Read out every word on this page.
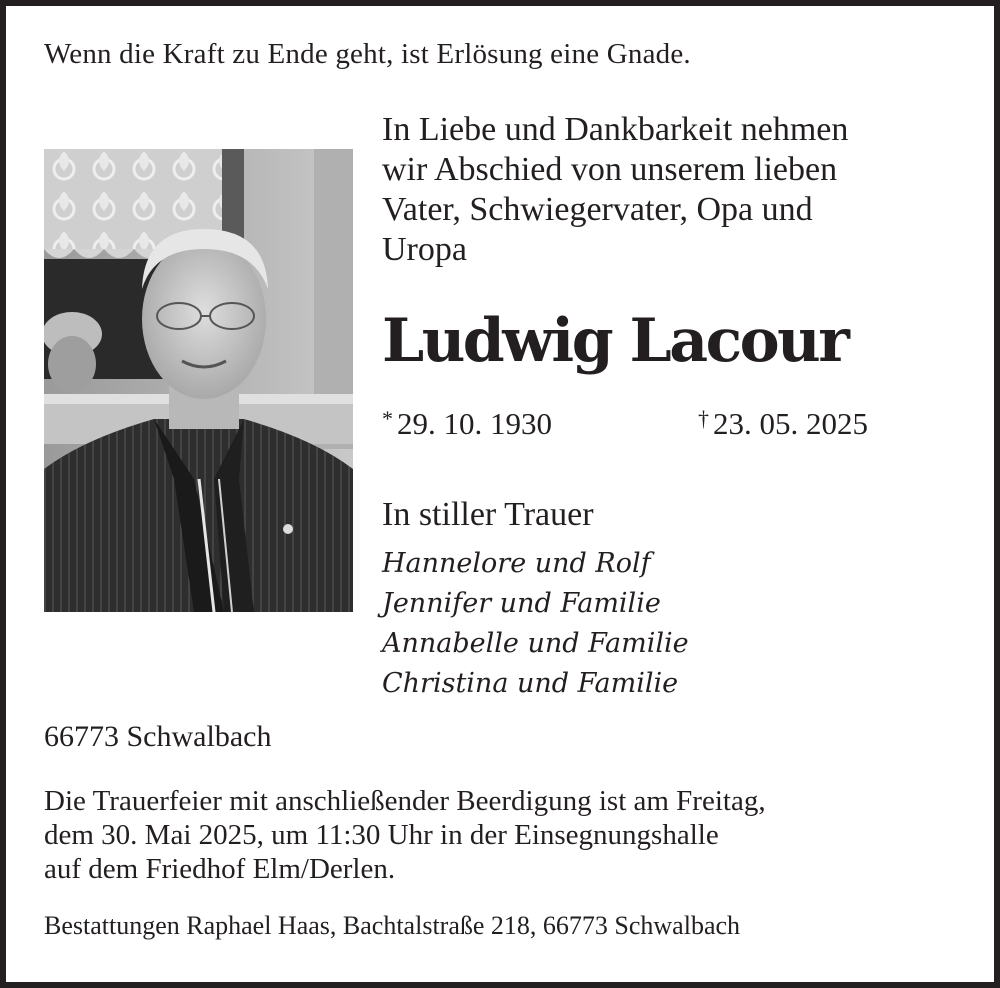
Wenn die Kraft zu Ende geht, ist Erlösung eine Gnade.
In Liebe und Dankbarkeit nehmen
wir Abschied von unserem lieben
Vater, Schwiegervater, Opa und
Uropa
Ludwig Lacour
* 29. 10. 1930	† 23. 05. 2025
In stiller Trauer
Hannelore und Rolf
Jennifer und Familie
Annabelle und Familie
Christina und Familie
66773 Schwalbach
Die Trauerfeier mit anschließender Beerdigung ist am Freitag,
dem 30. Mai 2025, um 11:30 Uhr in der Einsegnungshalle
auf dem Friedhof Elm/Derlen.
Bestattungen Raphael Haas, Bachtalstraße 218, 66773 Schwalbach
